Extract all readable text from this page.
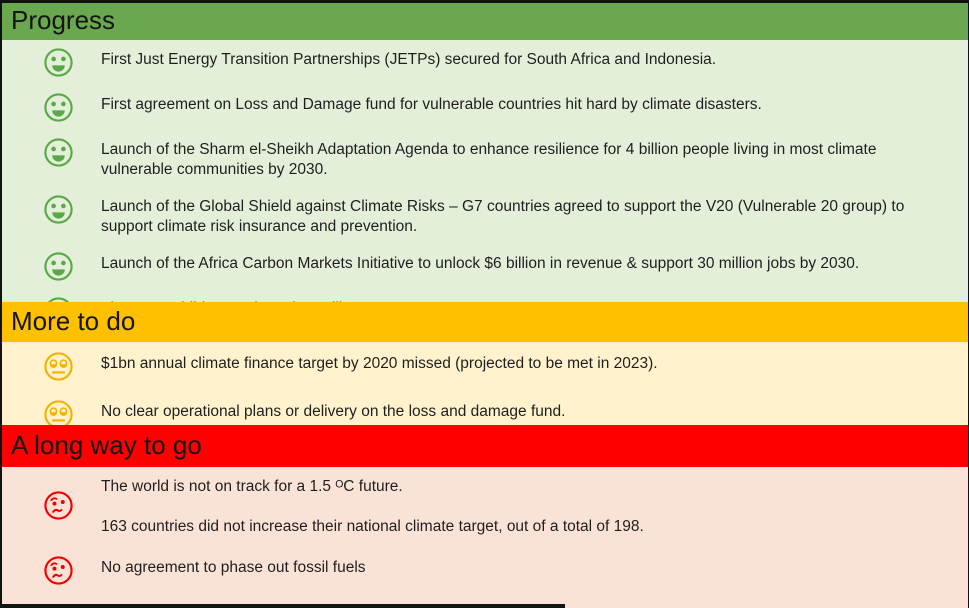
Progress

First Just Energy Transition Partnerships (JETPs) secured for South Africa and Indonesia.

First agreement on Loss and Damage fund for vulnerable countries hit hard by climate disasters.

Launch of the Sharm el-Sheikh Adaptation Agenda to enhance resilience for 4 billion people living in most climate vulnerable communities by 2030.

Launch of the Global Shield against Climate Risks – G7 countries agreed to support the V20 (Vulnerable 20 group) to support climate risk insurance and prevention.

Launch of the Africa Carbon Markets Initiative to unlock $6 billion in revenue & support 30 million jobs by 2030.

More to do

$1bn annual climate finance target by 2020 missed (projected to be met in 2023).

No clear operational plans or delivery on the loss and damage fund.

A long way to go

The world is not on track for a 1.5 ᴼC future.

163 countries did not increase their national climate target, out of a total of 198.

No agreement to phase out fossil fuels
